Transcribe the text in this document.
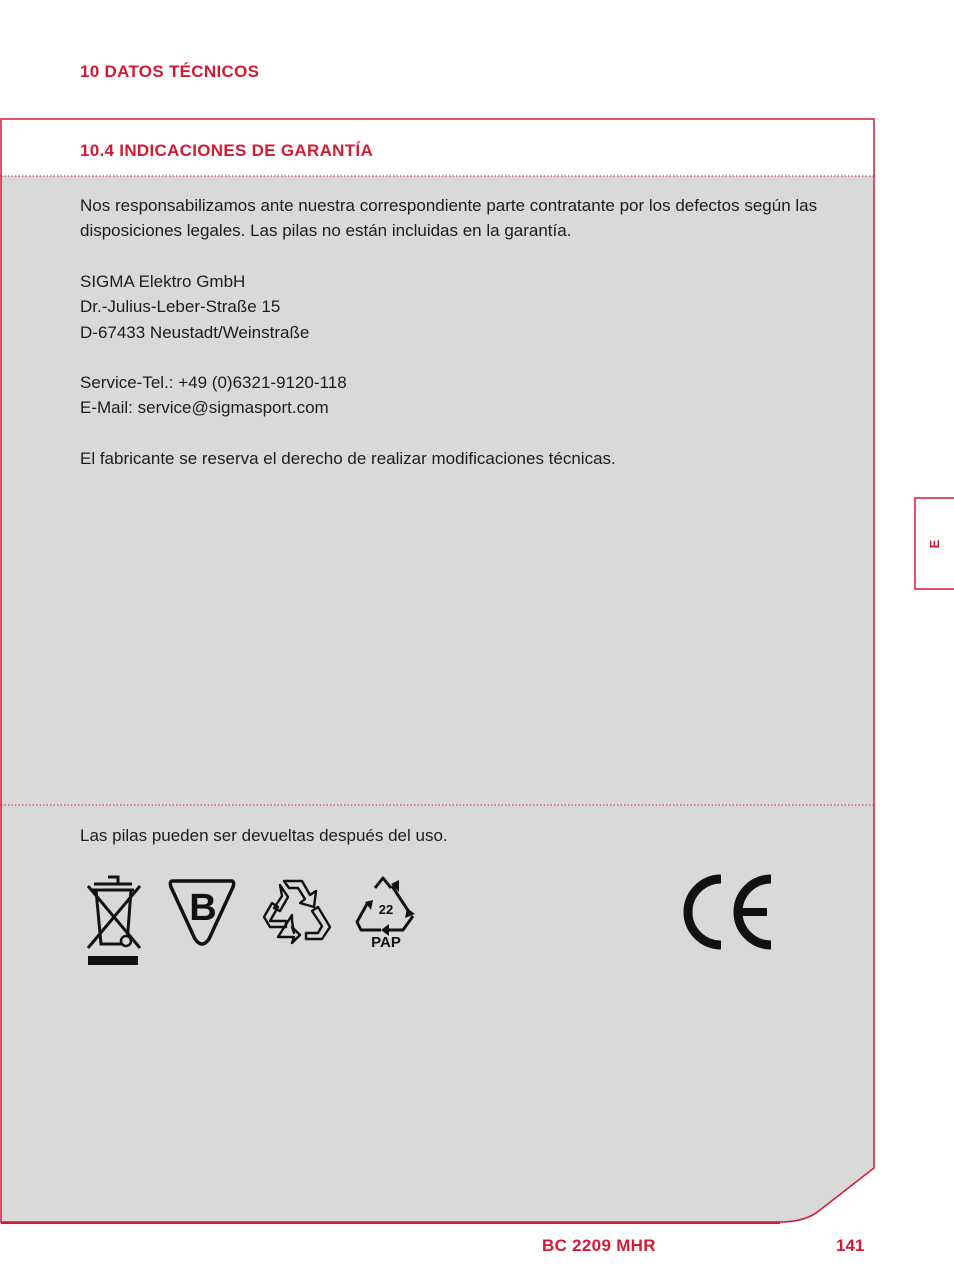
10 DATOS TÉCNICOS
10.4 INDICACIONES DE GARANTÍA
Nos responsabilizamos ante nuestra correspondiente parte contratante por los defectos según las disposiciones legales. Las pilas no están incluidas en la garantía.
SIGMA Elektro GmbH
Dr.-Julius-Leber-Straße 15
D-67433 Neustadt/Weinstraße
Service-Tel.: +49 (0)6321-9120-118
E-Mail: service@sigmasport.com
El fabricante se reserva el derecho de realizar modificaciones técnicas.
Las pilas pueden ser devueltas después del uso.
B	22
PAP
E
BC 2209 MHR	141
